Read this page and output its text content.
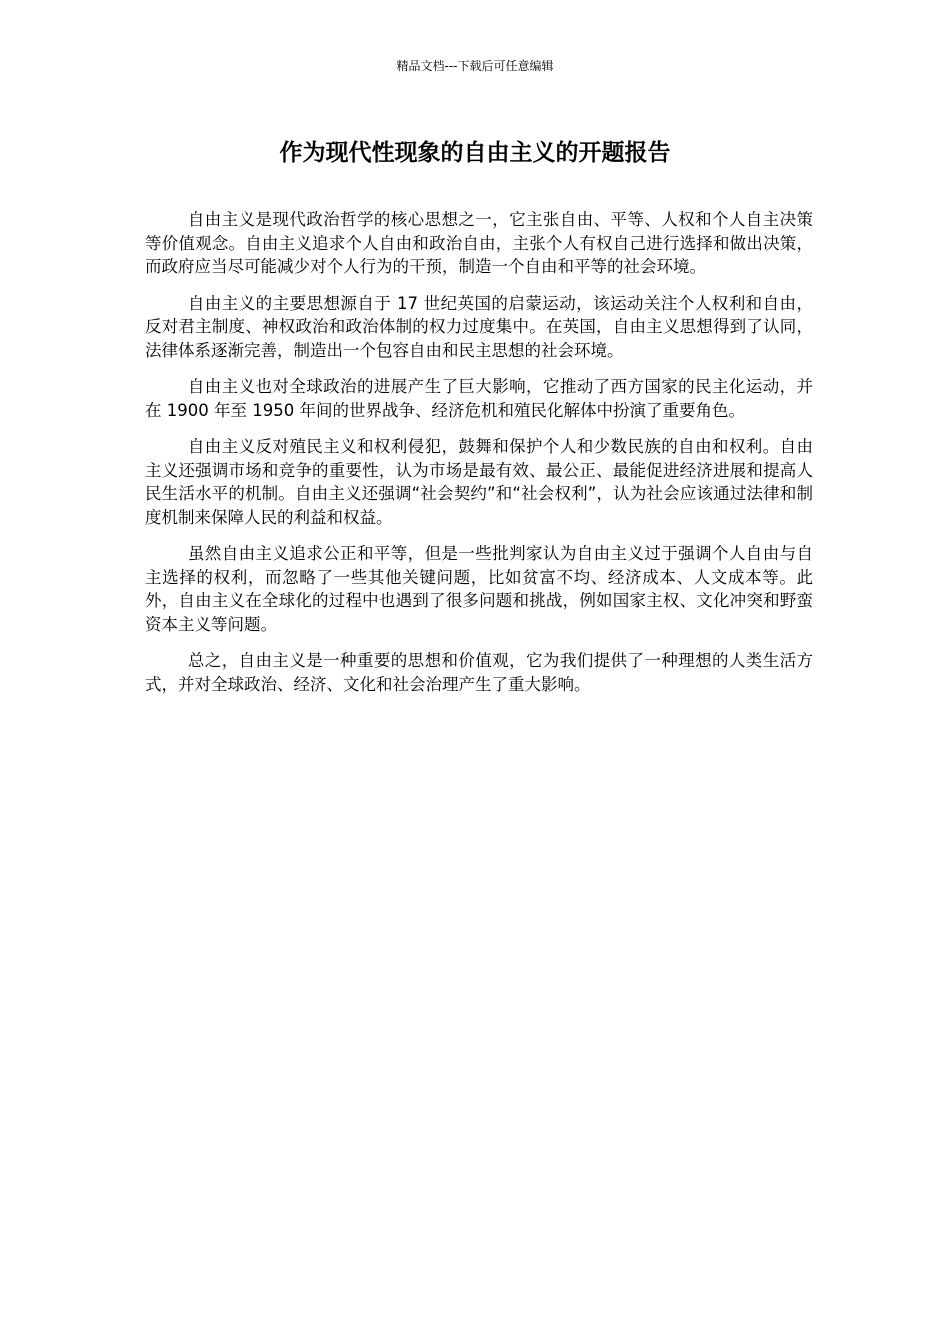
精品文档---下载后可任意编辑
作为现代性现象的自由主义的开题报告

自由主义是现代政治哲学的核心思想之一，它主张自由、平等、人权和个人自主决策等价值观念。自由主义追求个人自由和政治自由，主张个人有权自己进行选择和做出决策，而政府应当尽可能减少对个人行为的干预，制造一个自由和平等的社会环境。

自由主义的主要思想源自于 17 世纪英国的启蒙运动，该运动关注个人权利和自由，反对君主制度、神权政治和政治体制的权力过度集中。在英国，自由主义思想得到了认同，法律体系逐渐完善，制造出一个包容自由和民主思想的社会环境。

自由主义也对全球政治的进展产生了巨大影响，它推动了西方国家的民主化运动，并在 1900 年至 1950 年间的世界战争、经济危机和殖民化解体中扮演了重要角色。

自由主义反对殖民主义和权利侵犯，鼓舞和保护个人和少数民族的自由和权利。自由主义还强调市场和竞争的重要性，认为市场是最有效、最公正、最能促进经济进展和提高人民生活水平的机制。自由主义还强调“社会契约”和“社会权利”，认为社会应该通过法律和制度机制来保障人民的利益和权益。

虽然自由主义追求公正和平等，但是一些批判家认为自由主义过于强调个人自由与自主选择的权利，而忽略了一些其他关键问题，比如贫富不均、经济成本、人文成本等。此外，自由主义在全球化的过程中也遇到了很多问题和挑战，例如国家主权、文化冲突和野蛮资本主义等问题。

总之，自由主义是一种重要的思想和价值观，它为我们提供了一种理想的人类生活方式，并对全球政治、经济、文化和社会治理产生了重大影响。
